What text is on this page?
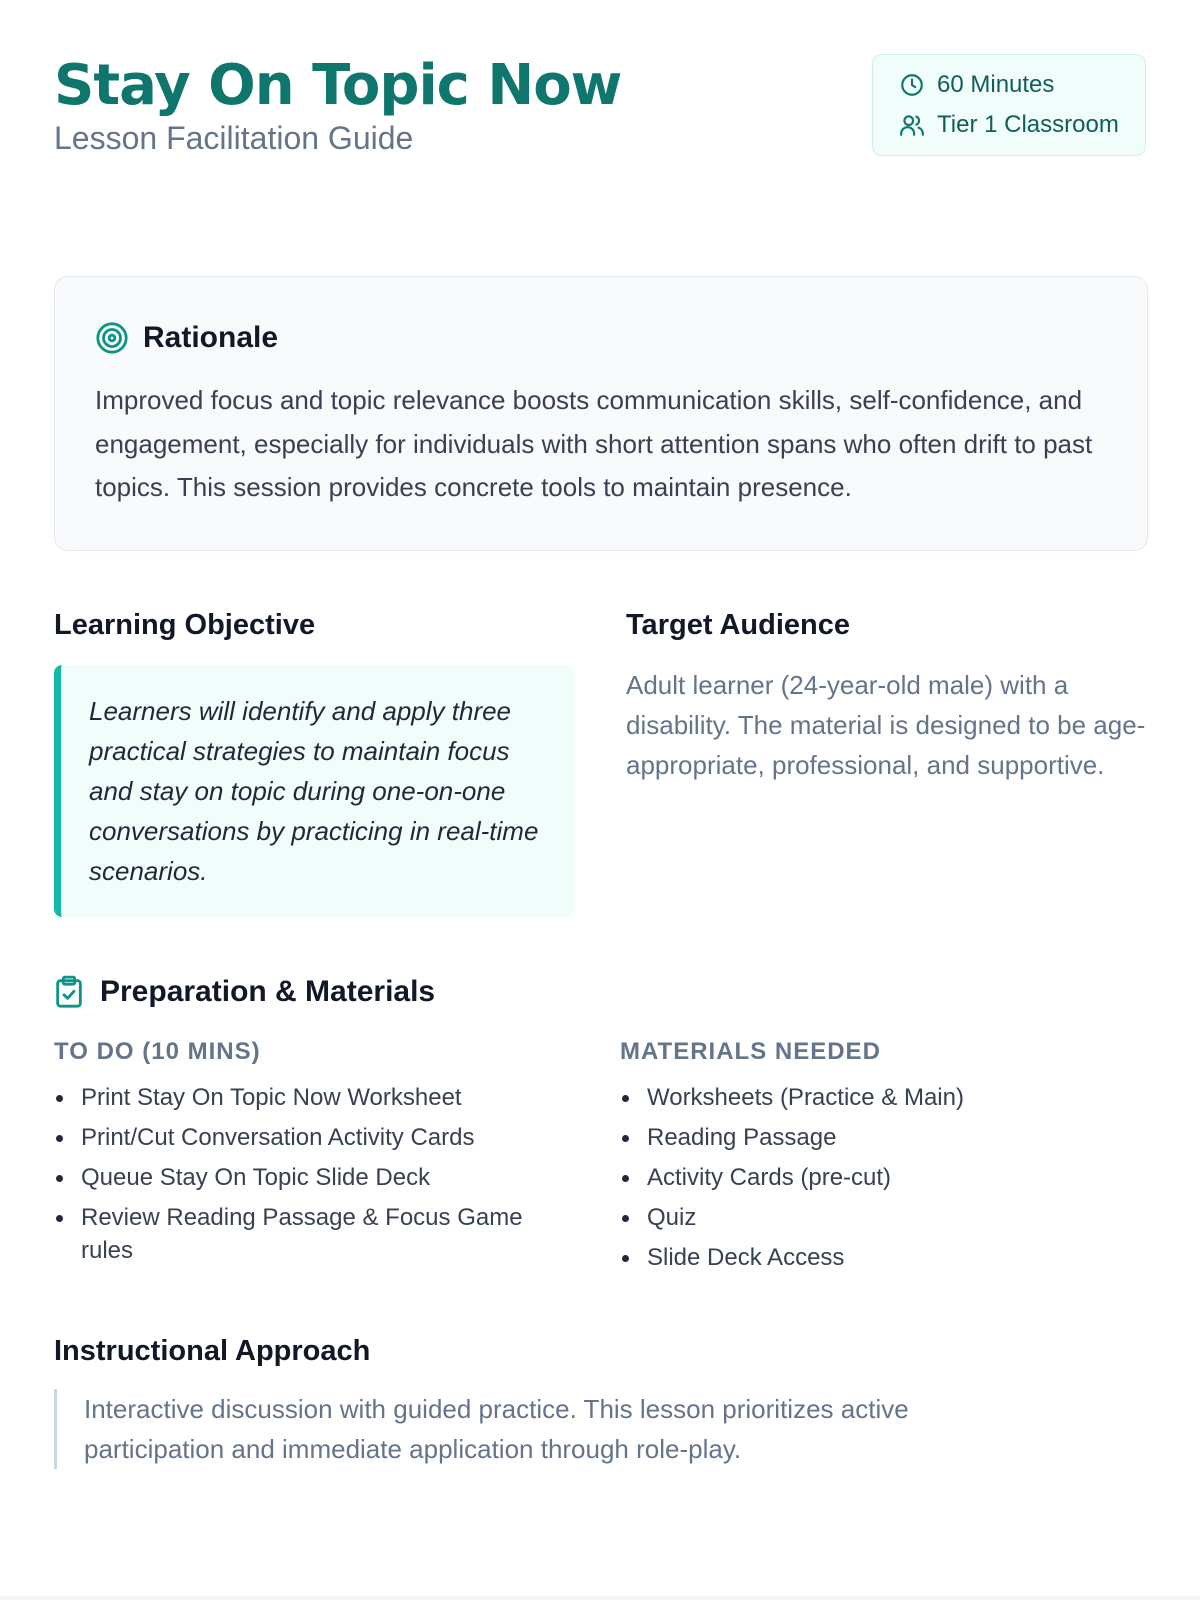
Stay On Topic Now
Lesson Facilitation Guide
60 Minutes
Tier 1 Classroom
Rationale

Improved focus and topic relevance boosts communication skills, self-confidence, and engagement, especially for individuals with short attention spans who often drift to past topics. This session provides concrete tools to maintain presence.

Learning Objective
Learners will identify and apply three practical strategies to maintain focus and stay on topic during one-on-one conversations by practicing in real-time scenarios.
Target Audience

Adult learner (24-year-old male) with a disability. The material is designed to be age-appropriate, professional, and supportive.

Preparation & Materials
TO DO (10 MINS)
Print Stay On Topic Now Worksheet
Print/Cut Conversation Activity Cards
Queue Stay On Topic Slide Deck
Review Reading Passage & Focus Game rules
MATERIALS NEEDED
Worksheets (Practice & Main)
Reading Passage
Activity Cards (pre-cut)
Quiz
Slide Deck Access
Instructional Approach

Interactive discussion with guided practice. This lesson prioritizes active participation and immediate application through role-play.
